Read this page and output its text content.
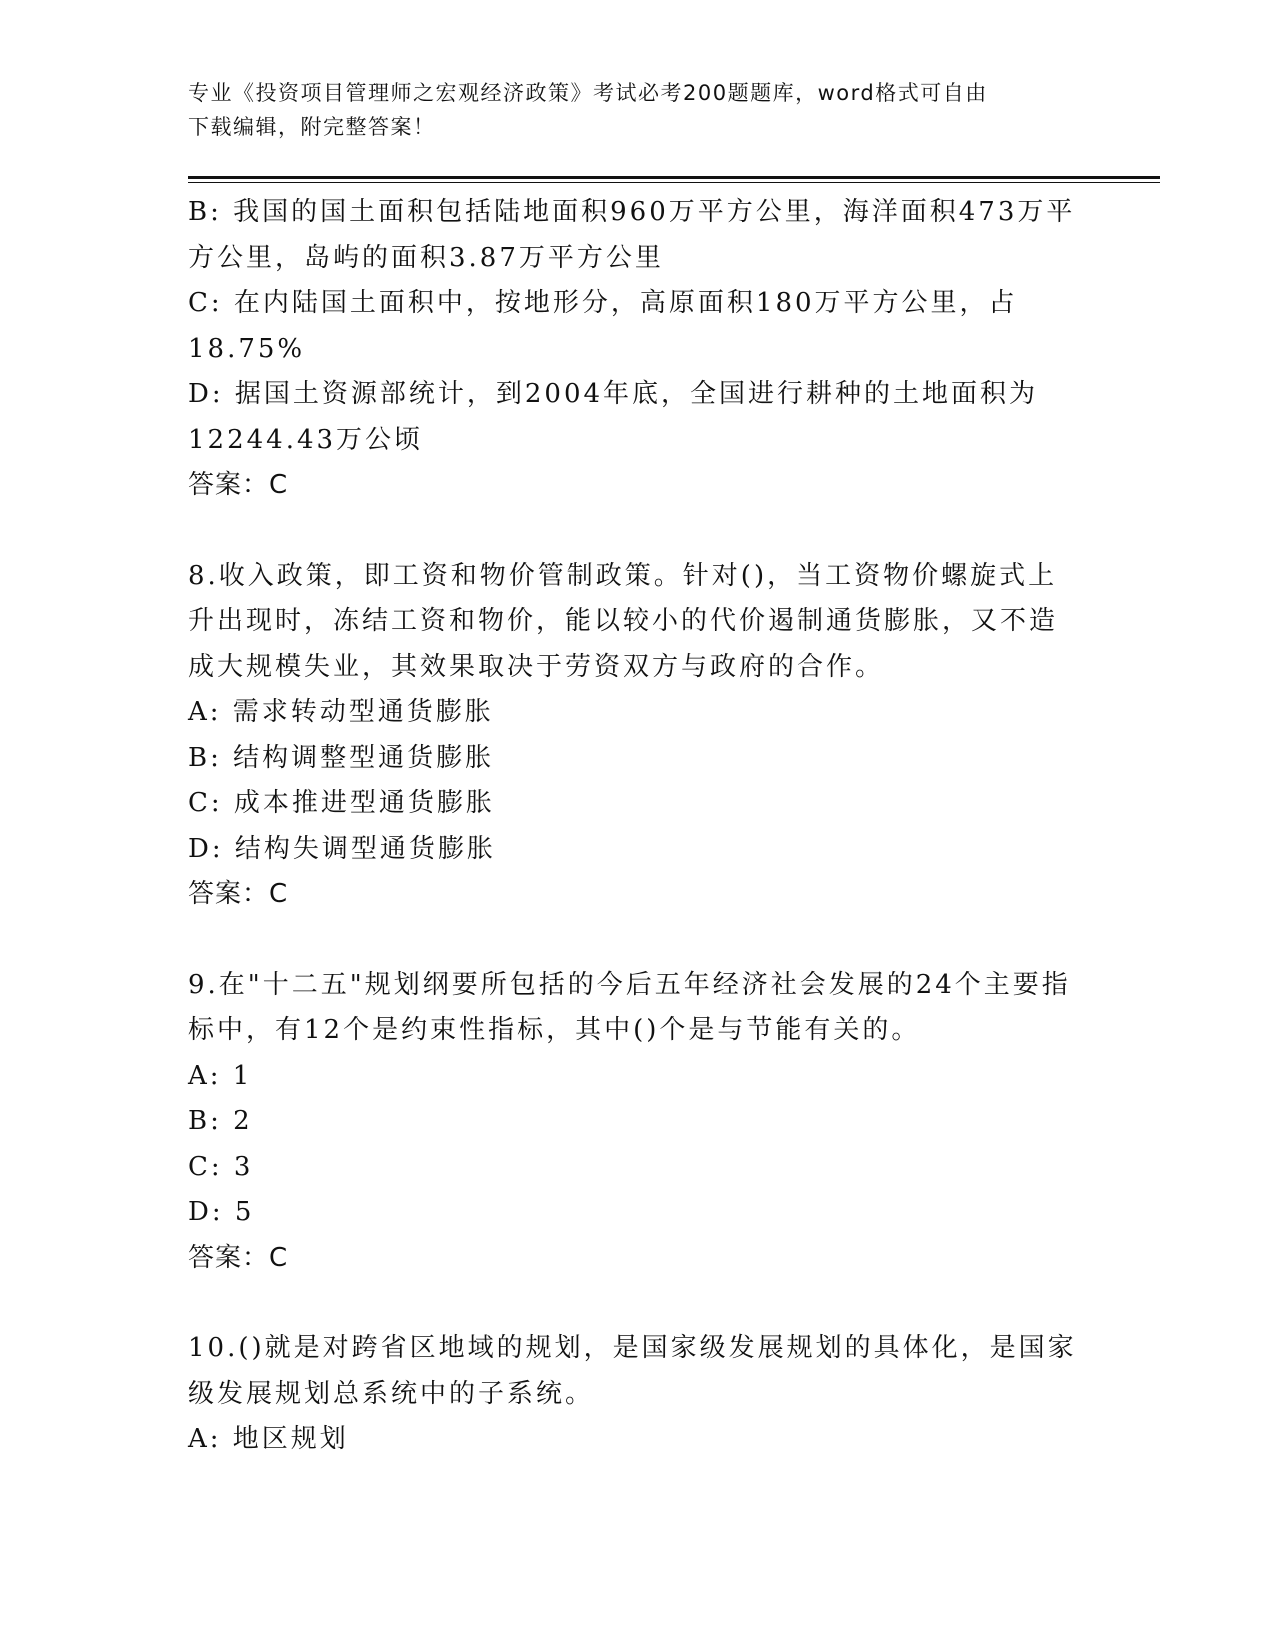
专业《投资项目管理师之宏观经济政策》考试必考200题题库，word格式可自由
下载编辑，附完整答案！

B: 我国的国土面积包括陆地面积960万平方公里，海洋面积473万平

方公里，岛屿的面积3.87万平方公里

C: 在内陆国土面积中，按地形分，高原面积180万平方公里，占

18.75%

D: 据国土资源部统计，到2004年底，全国进行耕种的土地面积为

12244.43万公顷

答案：C

8.收入政策，即工资和物价管制政策。针对()，当工资物价螺旋式上

升出现时，冻结工资和物价，能以较小的代价遏制通货膨胀，又不造

成大规模失业，其效果取决于劳资双方与政府的合作。

A: 需求转动型通货膨胀

B: 结构调整型通货膨胀

C: 成本推进型通货膨胀

D: 结构失调型通货膨胀

答案：C

9.在"十二五"规划纲要所包括的今后五年经济社会发展的24个主要指

标中，有12个是约束性指标，其中()个是与节能有关的。

A: 1

B: 2

C: 3

D: 5

答案：C

10.()就是对跨省区地域的规划，是国家级发展规划的具体化，是国家

级发展规划总系统中的子系统。

A: 地区规划
